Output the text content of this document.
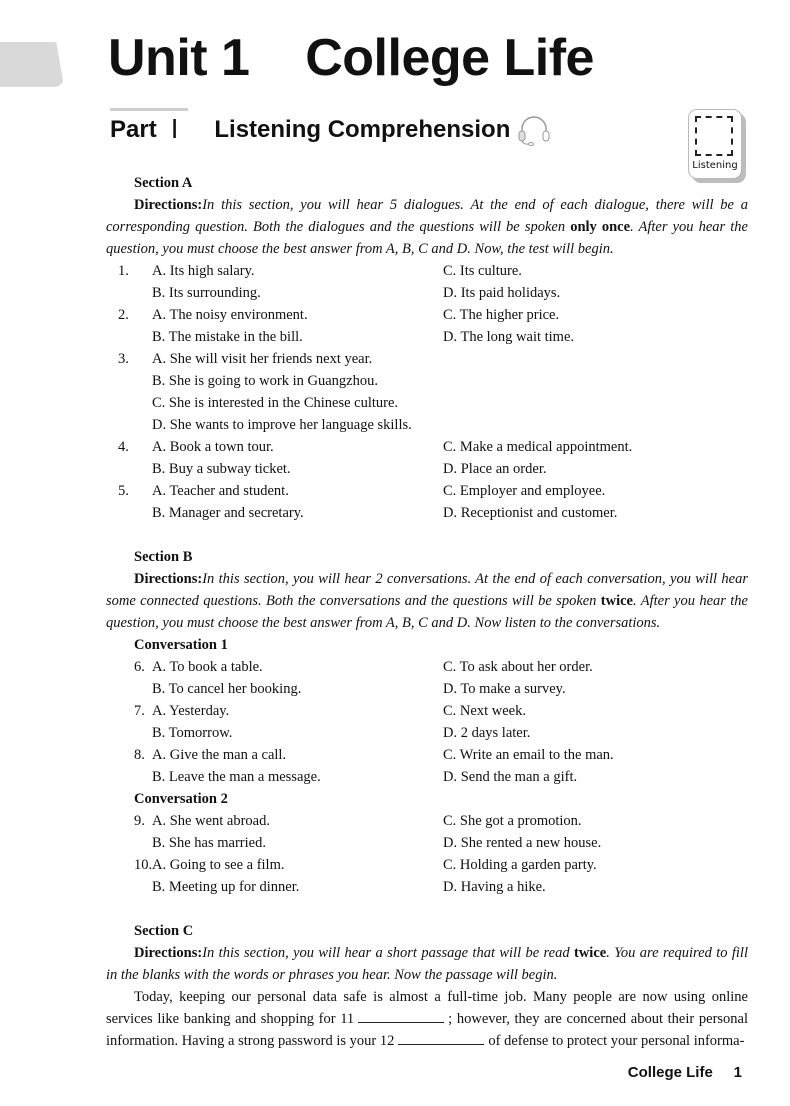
Unit 1    College Life
Part Ⅰ Listening Comprehension
Listening
Section A
Directions:In this section, you will hear 5 dialogues. At the end of each dialogue, there will be a corresponding question. Both the dialogues and the questions will be spoken only once. After you hear the question, you must choose the best answer from A, B, C and D. Now, the test will begin.
1.	A. Its high salary.	C. Its culture.
B. Its surrounding.	D. Its paid holidays.
2.	A. The noisy environment.	C. The higher price.
B. The mistake in the bill.	D. The long wait time.
3.	A. She will visit her friends next year.
B. She is going to work in Guangzhou.
C. She is interested in the Chinese culture.
D. She wants to improve her language skills.
4.	A. Book a town tour.	C. Make a medical appointment.
B. Buy a subway ticket.	D. Place an order.
5.	A. Teacher and student.	C. Employer and employee.
B. Manager and secretary.	D. Receptionist and customer.
Section B
Directions:In this section, you will hear 2 conversations. At the end of each conversation, you will hear some connected questions. Both the conversations and the questions will be spoken twice. After you hear the question, you must choose the best answer from A, B, C and D. Now listen to the conversations.
Conversation 1
6. A. To book a table.	C. To ask about her order.
B. To cancel her booking.	D. To make a survey.
7. A. Yesterday.	C. Next week.
B. Tomorrow.	D. 2 days later.
8. A. Give the man a call.	C. Write an email to the man.
B. Leave the man a message.	D. Send the man a gift.
Conversation 2
9. A. She went abroad.	C. She got a promotion.
B. She has married.	D. She rented a new house.
10. A. Going to see a film.	C. Holding a garden party.
B. Meeting up for dinner.	D. Having a hike.
Section C
Directions:In this section, you will hear a short passage that will be read twice. You are required to fill in the blanks with the words or phrases you hear. Now the passage will begin.
Today, keeping our personal data safe is almost a full-time job. Many people are now using online services like banking and shopping for 11	; however, they are concerned about their personal information. Having a strong password is your 12	of defense to protect your personal informa-
College Life 1
